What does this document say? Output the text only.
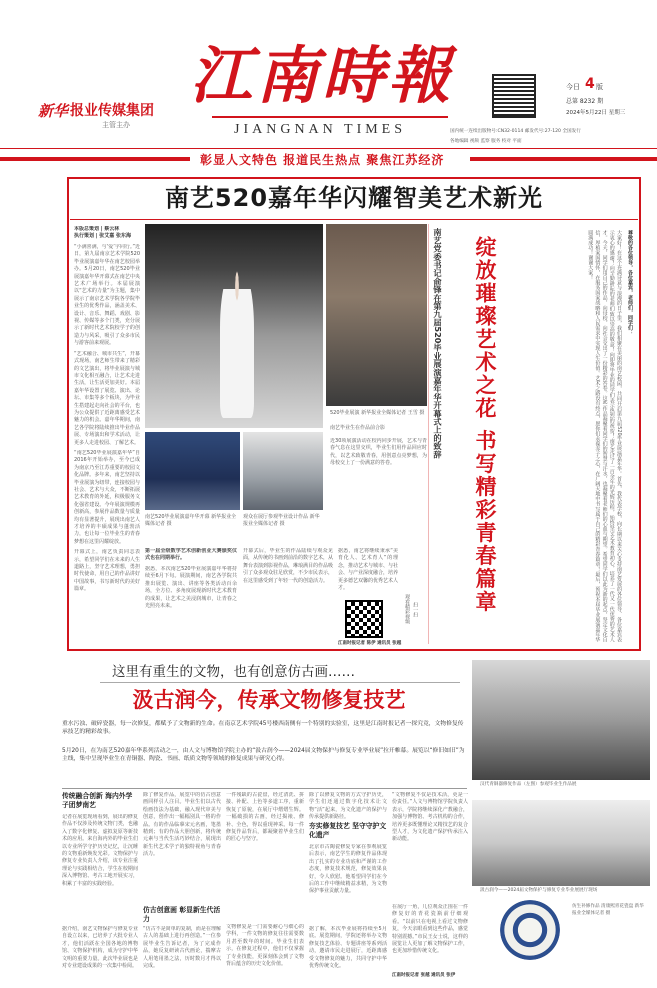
新华 报业传媒集团
主管主办
江南時報
JIANGNAN TIMES
今日 4 版
总第 8232 期
2024年5月22日 星期三
国内统一连续出版物号:CN32-0114 邮发代号:27-120 全国发行
各地编辑 视频 监察 服务 校对 平面
彰显人文特色 报道民生热点 聚焦江苏经济
南艺520嘉年华闪耀智美艺术新光
本版总策划 | 蔡云林
执行策划 | 张艾嘉 张东海
“小满喜满，与‘爱’字同行。”近日，第九届南京艺术学院520毕业展演嘉年华在南艺校园举办。5月20日，南艺520毕业展演嘉年华开幕式在南艺中央艺术广场举行。本届展演以“艺术的力量”为主题，集中展示了南京艺术学院各学院毕业生的优秀作品，涵盖美术、设计、音乐、舞蹈、戏剧、影视、传媒等多个门类，充分展示了新时代艺术院校学子的创造力与风采，吸引了众多市民与游客前来观展。
“艺术融合、城市共生”，开幕式现场，南艺师生带来了精彩的文艺演出，将毕业展演与城市文化相互融合，让艺术走进生活，让生活更加美好。本届嘉年华设置了展览、演出、论坛、市集等多个板块，为毕业生搭建起走向社会的平台，也为公众提供了近距离感受艺术魅力的机会。嘉年华期间，南艺各学院将陆续推出毕业作品展、专场演出和学术活动，让更多人走进校园、了解艺术。
“南艺520毕业展演嘉年华”自2016年开始举办，至今已成为南京乃至江苏重要的校园文化品牌。多年来，南艺坚持以毕业展演为纽带，连接校园与社会、艺术与大众，不断拓展艺术教育的外延，积极服务文化强省建设。今年展演规模再创新高，参展作品数量与质量均有显著提升，展现出南艺人才培养的丰硕成果与蓬勃活力，也让每一位毕业生的青春梦想在这里闪耀绽放。
开幕式上，南艺负责同志表示，希望同学们在未来的人生道路上，坚守艺术理想，勇担时代使命，用自己的作品讲好中国故事，书写新时代的美好篇章。
520毕业展演 新华报业全媒体记者 王雪 摄
南艺毕业生在作品前合影
南艺520毕业展演嘉年华开幕 新华报业全媒体记者 摄
观众在展厅参观毕业设计作品 新华报业全媒体记者 摄
第一届全级数学艺术创新创业大赛颁奖仪式也在同期举行。
据悉，本次南艺520毕业展演嘉年华将持续至6月下旬。展演期间，南艺各学院共推出展览、演出、讲座等各类活动百余场，全方位、多角度展现新时代艺术教育的成果，让艺术之美浸润城市，让青春之光照亮未来。
开幕式后，毕业生的作品陆续与观众见面，从传统的书画到前沿的数字艺术，从舞台表演到影视作品，琳琅满目的作品吸引了众多观众驻足欣赏，不少市民表示，在这里感受到了年轻一代的创造活力。
近30项展演活动在校内同步开展，艺术与青春气息在这里交织，毕业生们用作品回应时代，以艺术致敬青春，用创意点亮梦想，为母校交上了一份满意的答卷。
据悉，南艺将继续秉承“美育化人、艺术育人”的理念，推动艺术与城市、与社会、与产业深度融合，培养更多德艺双馨的优秀艺术人才。
观看精彩视频 扫一扫
江南时报记者 陈伊 通讯员 张越
南艺党委书记俞锋在第九届520毕业展演嘉年华开幕式上的致辞	绽放璀璨艺术之花 书写精彩青春篇章	尊敬的各位领导，各位嘉宾，老师们，同学们：
大家好！在这个充满诗意与浪漫的日子里，我们相聚在美丽的南艺校园，共同开启第九届520毕业展演嘉年华。首先，我代表学校，向长期以来关心支持南艺发展的各位领导、各位嘉宾表示衷心的感谢！向辛勤耕耘的老师们致以崇高的敬意！向即将毕业的同学们表示热烈的祝贺！南艺走过了一百余年的光辉历程，始终坚守艺术教育初心，培养了一代又一代优秀的艺术人才。今天，同学们用自己的作品，向母校、向社会交出了一份精彩的答卷。这些作品凝聚着同学们的智慧与汗水，也凝聚着老师们的心血与期望。希望同学们以此为新的起点，坚定文化自信，厚植家国情怀，在服务国家战略和人民需求中实现人生价值。艺术之路没有终点，愿你们永葆赤子之心，在广阔天地中书写属于自己的精彩青春篇章！最后，预祝本届毕业展演嘉年华圆满成功！谢谢大家！
这里有重生的文物，也有创意仿古画……
汲古润今，传承文物修复技艺
重水污浊、破碎瓷器，每一次修复，都赋予了文物新的生命。在南京艺术学院45号楼西南侧有一个特别的实验室，这里是江南时报记者一探究竟，文物修复传承技艺的精彩故事。
5月20日，在为南艺520嘉年华系列活动之一，由人文与博物馆学院主办的“汲古润今——2024届文物保护与修复专业毕业展”拉开帷幕。展览以“修旧如旧”为主线，集中呈现毕业生在青铜器、陶瓷、书画、纸质文物等领域的修复成果与研究心得。
汉代青铜器修复作品（左图）参观毕业生作品展
传统融合创新 海内外学子团梦南艺
记者在展览现场看到，展出的修复作品不仅涉及传统文物门类，也融入了数字化修复、虚拟复原等新技术的应用。来自海内外的毕业生们以专业所学守护历史记忆，让沉睡的文物重新焕发光彩。文物保护与修复专业负责人介绍，该专业注重理论与实践相结合，学生在校期间深入博物馆、考古工地开展实习，积累了丰富的实践经验。
据介绍，南艺文物保护与修复专业自设立以来，已培养了大批专业人才，他们活跃在全国各地的博物馆、文物保护机构，成为守护中华文明的重要力量。此次毕业展也是对专业建设成果的一次集中检阅。
除了修复作品，展览中的仿古创意画同样引人注目。毕业生们以古代绘画技法为基础，融入现代审美与创意，创作出一幅幅别具一格的作品。有的作品临摹宋元名画，笔墨精到；有的作品大胆创新，将传统元素与当代生活巧妙结合，展现出新生代艺术学子的独特视角与青春活力。
仿古创意画 彰显新生代活力
“仿古不是简单的复制，而是在理解古人的基础上进行再创造。”一位参展毕业生告诉记者，为了完成作品，她反复研读古代画论，揣摩古人用笔用墨之法，历时数月才得以完成。
一件残缺的古瓷盘，经过清洗、拼接、补配、上色等多道工序，重新恢复了原貌，在展厅中熠熠生辉。一幅破损的古画，经过揭裱、修补、全色，得以重现神采。每一件修复作品背后，都凝聚着毕业生们的匠心与坚守。
文物修复是一门需要耐心与细心的学科，一件文物的修复往往需要数月甚至数年的时间。毕业生们表示，在修复过程中，他们不仅掌握了专业技能，更深刻体会到了文物背后蕴含的历史文化价值。
除了以修复文物的方式守护历史，学生们还通过数字化技术让文物“活”起来，为文化遗产的保护与传承提供新路径。
夯实修复技艺 坚守守护文化遗产
北京市古陶瓷修复专家在参观展览后表示，南艺学生的修复作品体现出了扎实的专业功底和严谨的工作态度，修复技术规范，修复效果良好，令人欣慰。他希望同学们在今后的工作中继续精益求精，为文物保护事业贡献力量。
据了解，本次毕业展将持续至5月底。展览期间，学院还将举办文物修复技艺体验、专题讲座等系列活动，邀请市民走进展厅，近距离感受文物修复的魅力，共同守护中华优秀传统文化。
“文物修复不仅是技术活，更是一份责任。”人文与博物馆学院负责人表示，学院将继续深化产教融合，加强与博物馆、考古机构的合作，培养更多既懂理论又精技艺的复合型人才，为文化遗产保护传承注入新动能。
在展厅一角，几位观众正围在一件修复好的青花瓷瓶前仔细观看。“以前只在电视上看过文物修复，今天亲眼看到这些作品，感觉特别震撼。”市民王女士说，这样的展览让人更加了解文物保护工作，也更加珍惜传统文化。
江南时报记者 张越 通讯员 张伊
汲古润今——2024届文物保护与修复专业毕业展展厅现场
仿生补修作品 清康熙青花瓷盘 新华报业全媒体记者 摄
